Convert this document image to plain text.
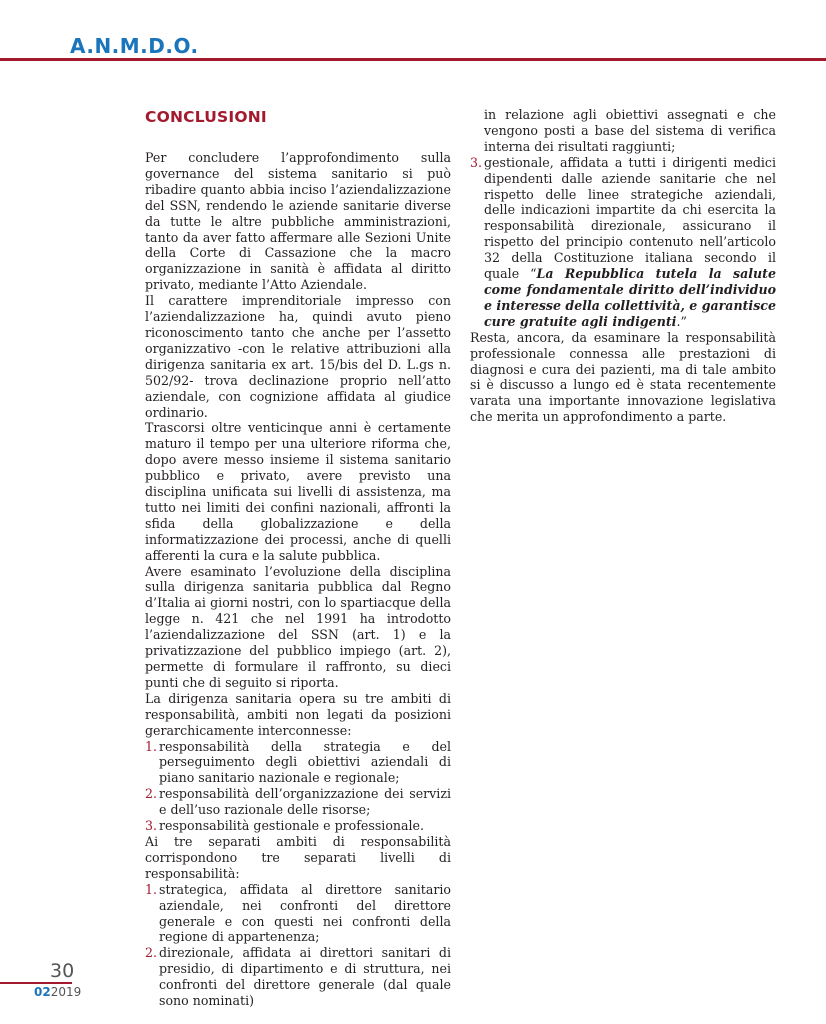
A.N.M.D.O.
CONCLUSIONI

Per concludere l’approfondimento sulla governance del sistema sanitario si può ribadire quanto abbia inciso l’aziendalizzazione del SSN, rendendo le aziende sanitarie diverse da tutte le altre pubbliche amministrazioni, tanto da aver fatto affermare alle Sezioni Unite della Corte di Cassazione che la macro organizzazione in sanità è affidata al diritto privato, mediante l’Atto Aziendale.

Il carattere imprenditoriale impresso con l’aziendalizzazione ha, quindi avuto pieno riconoscimento tanto che anche per l’assetto organizzativo -con le relative attribuzioni alla dirigenza sanitaria ex art. 15/bis del D. L.gs n. 502/92- trova declinazione proprio nell’atto aziendale, con cognizione affidata al giudice ordinario.

Trascorsi oltre venticinque anni è certamente maturo il tempo per una ulteriore riforma che, dopo avere messo insieme il sistema sanitario pubblico e privato, avere previsto una disciplina unificata sui livelli di assistenza, ma tutto nei limiti dei confini nazionali, affronti la sfida della globalizzazione e della informatizzazione dei processi, anche di quelli afferenti la cura e la salute pubblica.

Avere esaminato l’evoluzione della disciplina sulla dirigenza sanitaria pubblica dal Regno d’Italia ai giorni nostri, con lo spartiacque della legge n. 421 che nel 1991 ha introdotto l’aziendalizzazione del SSN (art. 1) e la privatizzazione del pubblico impiego (art. 2), permette di formulare il raffronto, su dieci punti che di seguito si riporta.

La dirigenza sanitaria opera su tre ambiti di responsabilità, ambiti non legati da posizioni gerarchicamente interconnesse:

1. responsabilità della strategia e del perseguimento degli obiettivi aziendali di piano sanitario nazionale e regionale;
2. responsabilità dell’organizzazione dei servizi e dell’uso razionale delle risorse;
3. responsabilità gestionale e professionale.

Ai tre separati ambiti di responsabilità corrispondono tre separati livelli di responsabilità:

1. strategica, affidata al direttore sanitario aziendale, nei confronti del direttore generale e con questi nei confronti della regione di appartenenza;
2. direzionale, affidata ai direttori sanitari di presidio, di dipartimento e di struttura, nei confronti del direttore generale (dal quale sono nominati)
in relazione agli obiettivi assegnati e che vengono posti a base del sistema di verifica interna dei risultati raggiunti;
3. gestionale, affidata a tutti i dirigenti medici dipendenti dalle aziende sanitarie che nel rispetto delle linee strategiche aziendali, delle indicazioni impartite da chi esercita la responsabilità direzionale, assicurano il rispetto del principio contenuto nell’articolo 32 della Costituzione italiana secondo il quale “La Repubblica tutela la salute come fondamentale diritto dell’individuo e interesse della collettività, e garantisce cure gratuite agli indigenti.”

Resta, ancora, da esaminare la responsabilità professionale connessa alle prestazioni di diagnosi e cura dei pazienti, ma di tale ambito si è discusso a lungo ed è stata recentemente varata una importante innovazione legislativa che merita un approfondimento a parte.

30
022019
